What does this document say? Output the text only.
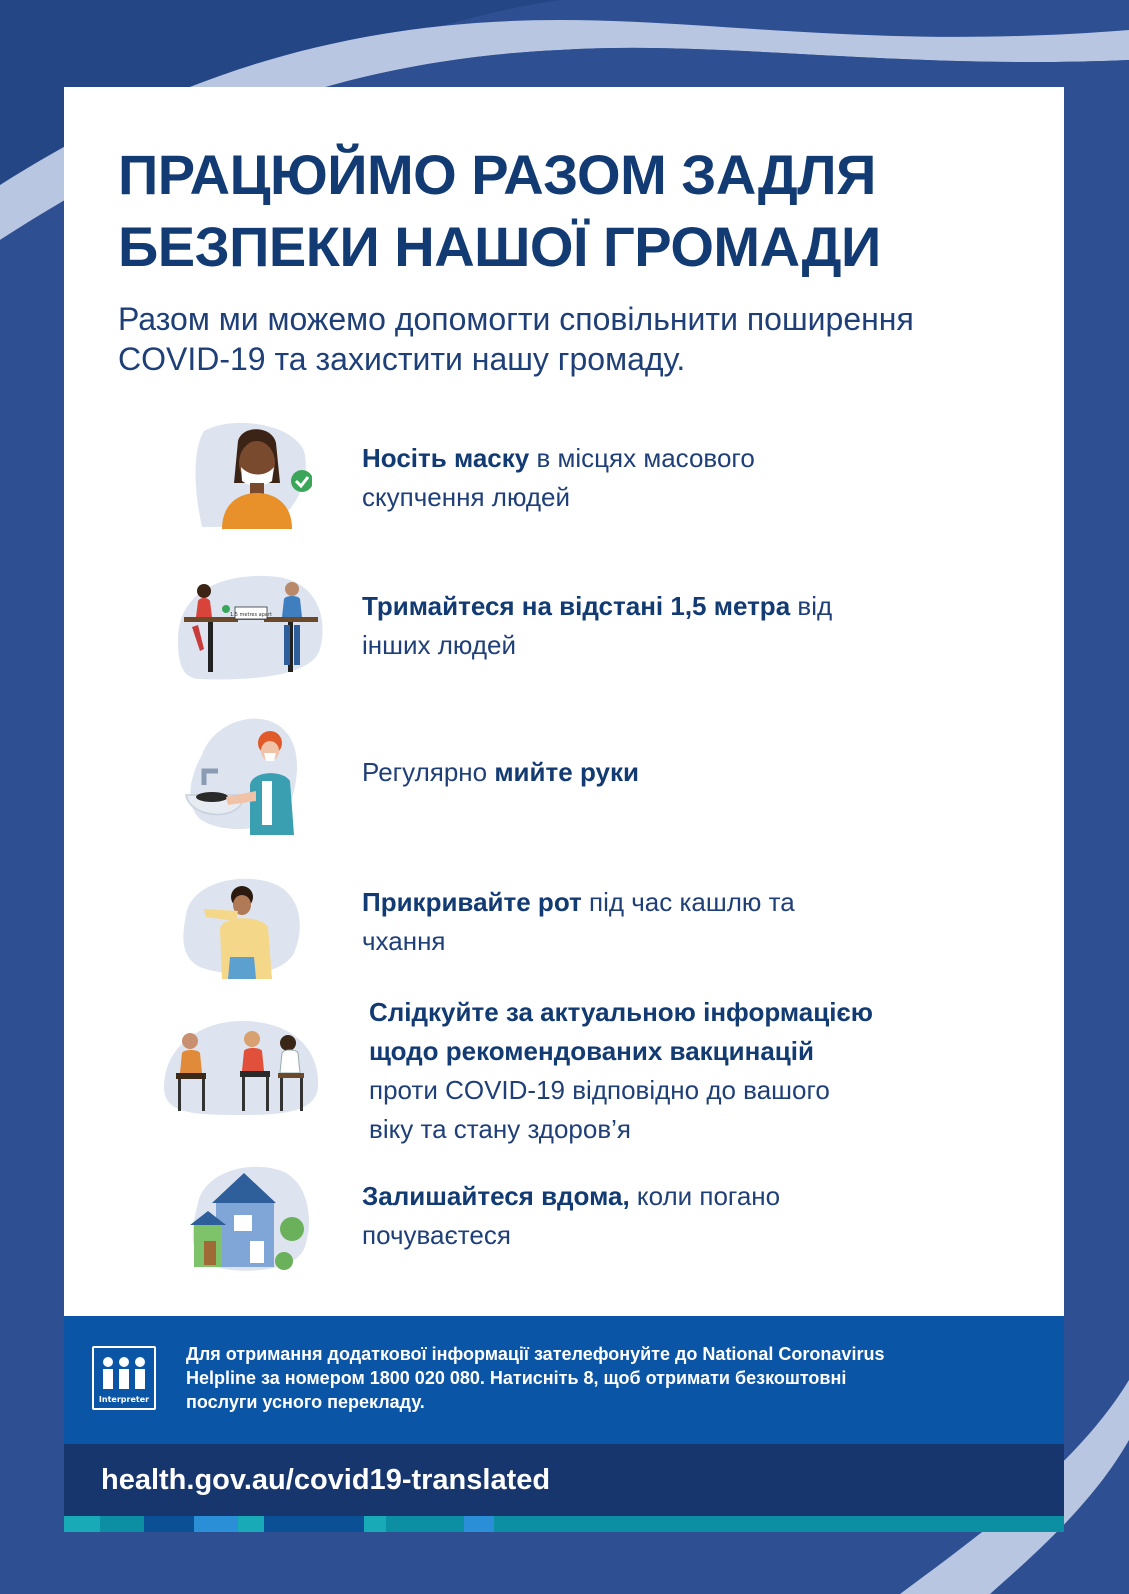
ПРАЦЮЙМО РАЗОМ ЗАДЛЯ
БЕЗПЕКИ НАШОЇ ГРОМАДИ

Разом ми можемо допомогти сповільнити поширення
COVID-19 та захистити нашу громаду.

Носіть маску в місцях масового
скупчення людей

1.5 metres apart	Тримайтеся на відстані 1,5 метра від
інших людей

Регулярно мийте руки

Прикривайте рот під час кашлю та
чхання

Слідкуйте за актуальною інформацією
щодо рекомендованих вакцинацій
проти COVID-19 відповідно до вашого
віку та стану здоров’я

Залишайтеся вдома, коли погано
почуваєтеся

Interpreter

Для отримання додаткової інформації зателефонуйте до National Coronavirus
Helpline за номером 1800 020 080. Натисніть 8, щоб отримати безкоштовні
послуги усного перекладу.

health.gov.au/covid19-translated
